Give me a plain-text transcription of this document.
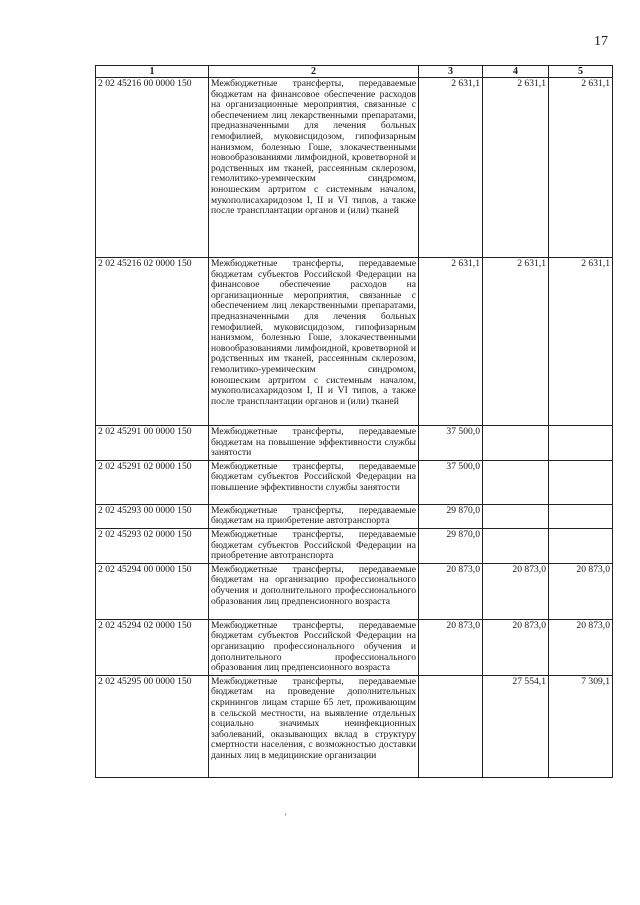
17
1	2	3	4	5
2 02 45216 00 0000 150	Межбюджетные трансферты, передаваемые бюджетам на финансовое обеспечение расходов на организационные мероприятия, связанные с обеспечением лиц лекарственными препаратами, предназначенными для лечения больных гемофилией, муковисцидозом, гипофизарным нанизмом, болезнью Гоше, злокачественными новообразованиями лимфоидной, кроветворной и родственных им тканей, рассеянным склерозом, гемолитико-уремическим синдромом, юношеским артритом с системным началом, мукополисахаридозом I, II и VI типов, а также после трансплантации органов и (или) тканей	2 631,1	2 631,1	2 631,1
2 02 45216 02 0000 150	Межбюджетные трансферты, передаваемые бюджетам субъектов Российской Федерации на финансовое обеспечение расходов на организационные мероприятия, связанные с обеспечением лиц лекарственными препаратами, предназначенными для лечения больных гемофилией, муковисцидозом, гипофизарным нанизмом, болезнью Гоше, злокачественными новообразованиями лимфоидной, кроветворной и родственных им тканей, рассеянным склерозом, гемолитико-уремическим синдромом, юношеским артритом с системным началом, мукополисахаридозом I, II и VI типов, а также после трансплантации органов и (или) тканей	2 631,1	2 631,1	2 631,1
2 02 45291 00 0000 150	Межбюджетные трансферты, передаваемые бюджетам на повышение эффективности службы занятости	37 500,0		
2 02 45291 02 0000 150	Межбюджетные трансферты, передаваемые бюджетам субъектов Российской Федерации на повышение эффективности службы занятости	37 500,0		
2 02 45293 00 0000 150	Межбюджетные трансферты, передаваемые бюджетам на приобретение автотранспорта	29 870,0		
2 02 45293 02 0000 150	Межбюджетные трансферты, передаваемые бюджетам субъектов Российской Федерации на приобретение автотранспорта	29 870,0		
2 02 45294 00 0000 150	Межбюджетные трансферты, передаваемые бюджетам на организацию профессионального обучения и дополнительного профессионального образования лиц предпенсионного возраста	20 873,0	20 873,0	20 873,0
2 02 45294 02 0000 150	Межбюджетные трансферты, передаваемые бюджетам субъектов Российской Федерации на организацию профессионального обучения и дополнительного профессионального образования лиц предпенсионного возраста	20 873,0	20 873,0	20 873,0
2 02 45295 00 0000 150	Межбюджетные трансферты, передаваемые бюджетам на проведение дополнительных скринингов лицам старше 65 лет, проживающим в сельской местности, на выявление отдельных социально значимых неинфекционных заболеваний, оказывающих вклад в структуру смертности населения, с возможностью доставки данных лиц в медицинские организации		27 554,1	7 309,1
ʼ
